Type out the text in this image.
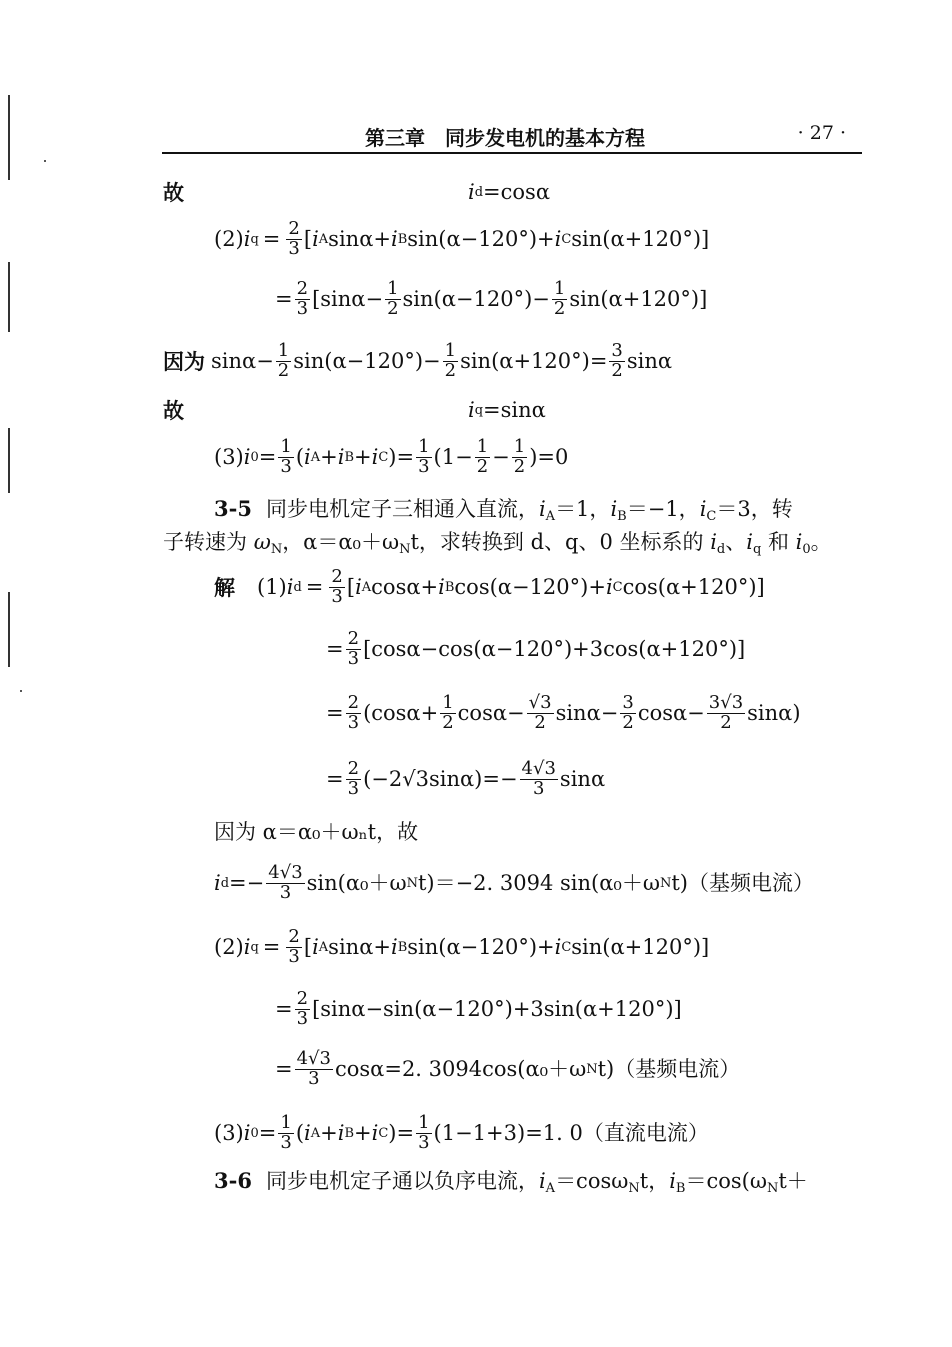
第三章　同步发电机的基本方程	· 27 ·
故	i d =cosα
(2) i $q = \frac{2}{3}$ [ i A sinα+ i B sin(α−120°)+ i C sin(α+120°)]
= $\frac{2}{3} [\sin\alpha- \frac{1}{2} \sin(\alpha-120^\circ)- \frac{1}{2} \sin(\alpha+120^\circ)]$
因为 $\sin\alpha- \frac{1}{2} \sin(\alpha-120^\circ)- \frac{1}{2} \sin(\alpha+120^\circ)= \frac{3}{2}$ sinα
故	i q =sinα
(3) i $0 = \frac{1}{3}$ ( i A + i B + i C )= $\frac{1}{3} (1- \frac{1}{2} - \frac{1}{2} )=0$
3-5 同步电机定子三相通入直流，$i_A=1$，$i_B=-1$，$i_C=3$，转
子转速为 $\omega_N$，$\alpha=\alpha_0+\omega_Nt$，求转换到 d、q、0 坐标系的 $i_d$、$i_q$ 和 $i_0$。
解 (1) i $d = \frac{2}{3}$ [ i A cosα+ i B cos(α−120°)+ i C cos(α+120°)]
= $\frac{2}{3} [\cos\alpha-\cos(\alpha-120^\circ)+3\cos(\alpha+120^\circ)]$
= $\frac{2}{3} (\cos\alpha+ \frac{1}{2} \cos\alpha- \frac{√3}{2} \sin\alpha- \frac{3}{2} \cos\alpha- \frac{3√3}{2} \sin\alpha)$
= $\frac{2}{3} (-2√3\sin\alpha)=- \frac{4√3}{3}$ sinα
因为 α＝α₀＋ωₙt，故
i d = − $\frac{4√3}{3} \sin(\alpha_0+\omega$ N t)＝−2. 3094 sin(α₀＋ω N t)（基频电流）
(2) i $q = \frac{2}{3}$ [ i A sinα+ i B sin(α−120°)+ i C sin(α+120°)]
= $\frac{2}{3} [\sin\alpha-\sin(\alpha-120^\circ)+3\sin(\alpha+120^\circ)]$
= $\frac{4√3}{3} \cos\alpha=2$. 3094cos(α₀＋ω N t)（基频电流）
(3) i $0 = \frac{1}{3}$ ( i A + i B + i C )= $\frac{1}{3} (1-1+3)=1$. 0（直流电流）
3-6 同步电机定子通以负序电流，$i_A=\cos\omega_Nt$，$i_B=\cos(\omega_Nt+$
